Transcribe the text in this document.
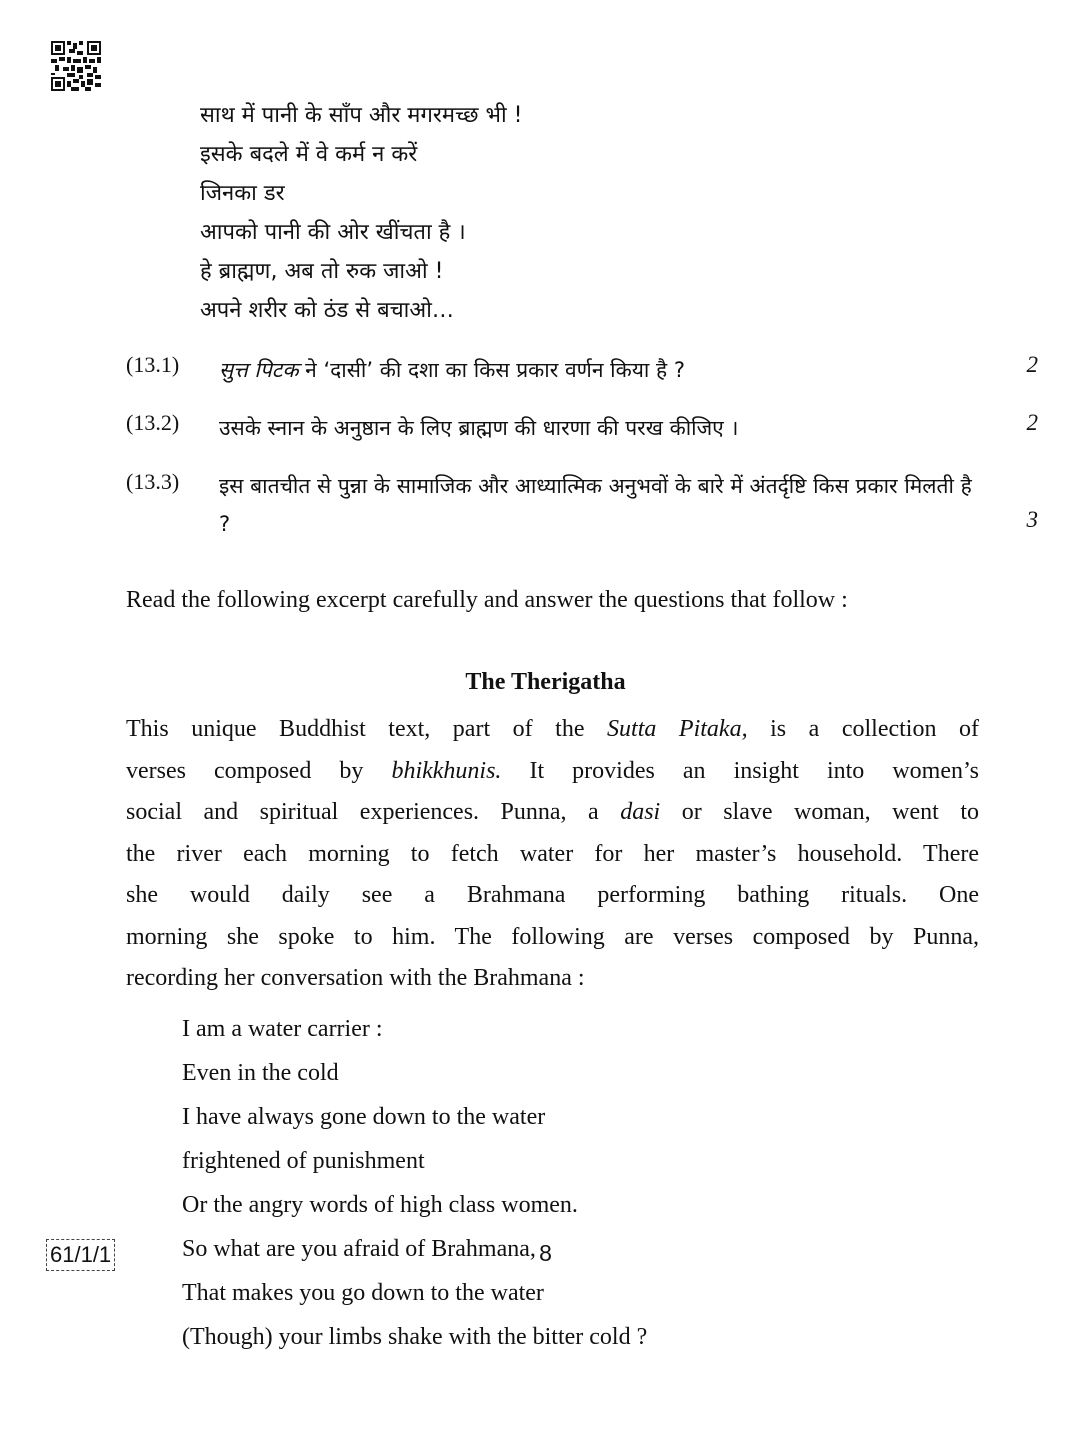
साथ में पानी के साँप और मगरमच्छ भी !
इसके बदले में वे कर्म न करें
जिनका डर
आपको पानी की ओर खींचता है ।
हे ब्राह्मण, अब तो रुक जाओ !
अपने शरीर को ठंड से बचाओ…
(13.1) सुत्त पिटक ने ‘दासी’ की दशा का किस प्रकार वर्णन किया है ?	2
(13.2) उसके स्नान के अनुष्ठान के लिए ब्राह्मण की धारणा की परख कीजिए ।	2
(13.3) इस बातचीत से पुन्ना के सामाजिक और आध्यात्मिक अनुभवों के बारे में अंतर्दृष्टि किस प्रकार मिलती है ?	3
Read the following excerpt carefully and answer the questions that follow :
The Therigatha
This unique Buddhist text, part of the Sutta Pitaka, is a collection of
verses composed by bhikkhunis. It provides an insight into women’s
social and spiritual experiences. Punna, a dasi or slave woman, went to
the river each morning to fetch water for her master’s household. There
she would daily see a Brahmana performing bathing rituals. One
morning she spoke to him. The following are verses composed by Punna,
recording her conversation with the Brahmana :
I am a water carrier :
Even in the cold
I have always gone down to the water
frightened of punishment
Or the angry words of high class women.
So what are you afraid of Brahmana,
That makes you go down to the water
(Though) your limbs shake with the bitter cold ?
61/1/1	8
